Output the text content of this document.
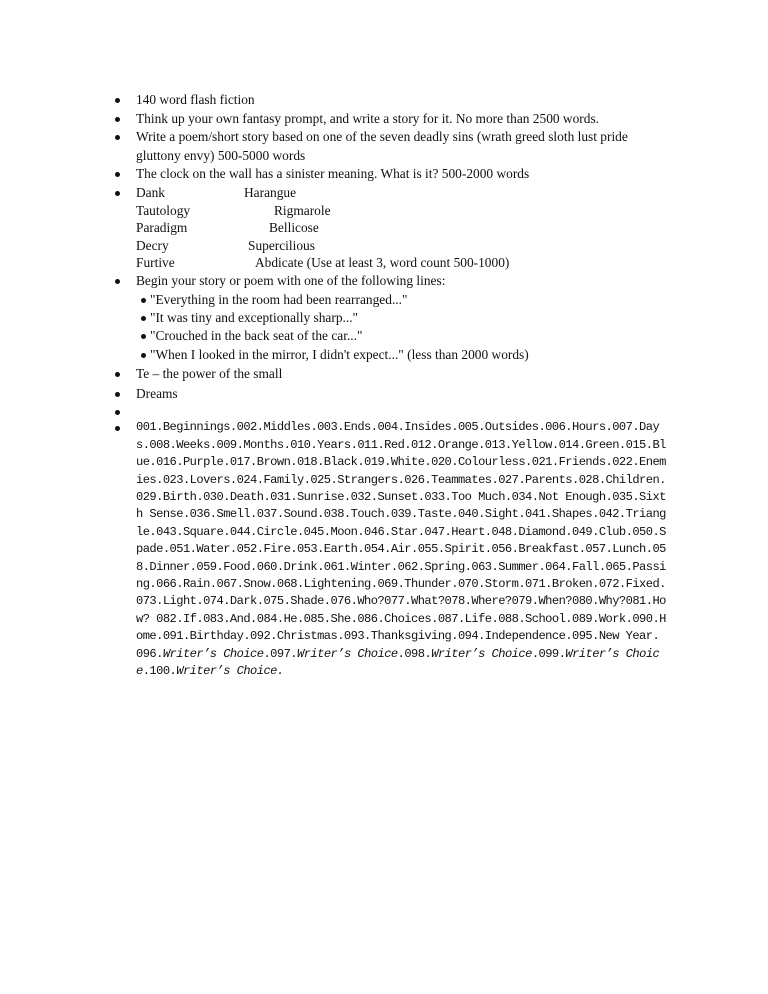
140 word flash fiction
Think up your own fantasy prompt, and write a story for it. No more than 2500 words.
Write a poem/short story based on one of the seven deadly sins (wrath greed sloth lust pride gluttony envy) 500-5000 words
The clock on the wall has a sinister meaning. What is it? 500-2000 words
Dank	Harangue
Tautology	Rigmarole
Paradigm	Bellicose
Decry	Supercilious
Furtive	Abdicate (Use at least 3, word count 500-1000)
Begin your story or poem with one of the following lines:
"Everything in the room had been rearranged..."
"It was tiny and exceptionally sharp..."
"Crouched in the back seat of the car..."
"When I looked in the mirror, I didn't expect..." (less than 2000 words)
Te – the power of the small
Dreams
001.Beginnings.002.Middles.003.Ends.004.Insides.005.Outsides.006.Hours.007.Days.008.Weeks.009.Months.010.Years.011.Red.012.Orange.013.Yellow.014.Green.015.Blue.016.Purple.017.Brown.018.Black.019.White.020.Colourless.021.Friends.022.Enemies.023.Lovers.024.Family.025.Strangers.026.Teammates.027.Parents.028.Children.029.Birth.030.Death.031.Sunrise.032.Sunset.033.Too Much.034.Not Enough.035.Sixth Sense.036.Smell.037.Sound.038.Touch.039.Taste.040.Sight.041.Shapes.042.Triangle.043.Square.044.Circle.045.Moon.046.Star.047.Heart.048.Diamond.049.Club.050.Spade.051.Water.052.Fire.053.Earth.054.Air.055.Spirit.056.Breakfast.057.Lunch.058.Dinner.059.Food.060.Drink.061.Winter.062.Spring.063.Summer.064.Fall.065.Passing.066.Rain.067.Snow.068.Lightening.069.Thunder.070.Storm.071.Broken.072.Fixed.073.Light.074.Dark.075.Shade.076.Who?077.What?078.Where?079.When?080.Why?081.How? 082.If.083.And.084.He.085.She.086.Choices.087.Life.088.School.089.Work.090.Home.091.Birthday.092.Christmas.093.Thanksgiving.094.Independence.095.New Year. 096.Writer’s Choice.097.Writer’s Choice.098.Writer’s Choice.099.Writer’s Choice.100.Writer’s Choice.
